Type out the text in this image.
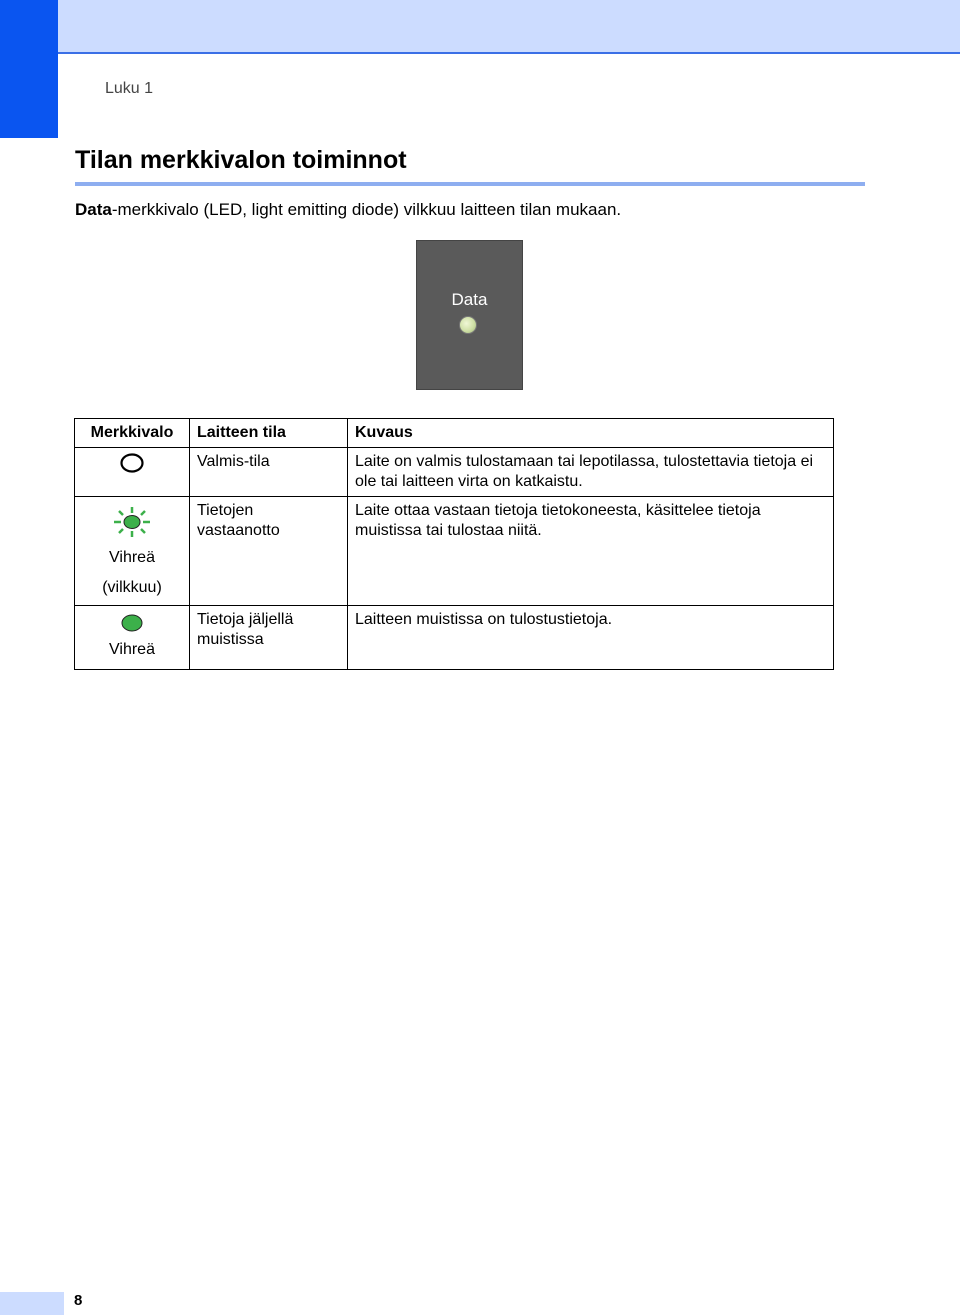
Luku 1
Tilan merkkivalon toiminnot
Data-merkkivalo (LED, light emitting diode) vilkkuu laitteen tilan mukaan.
Data
Merkkivalo	Laitteen tila	Kuvaus

	Valmis-tila	Laite on valmis tulostamaan tai lepotilassa, tulostettavia tietoja ei ole tai laitteen virta on katkaistu.

Vihreä
(vilkkuu)	Tietojen vastaanotto	Laite ottaa vastaan tietoja tietokoneesta, käsittelee tietoja muistissa tai tulostaa niitä.

Vihreä	Tietoja jäljellä muistissa	Laitteen muistissa on tulostustietoja.
8
